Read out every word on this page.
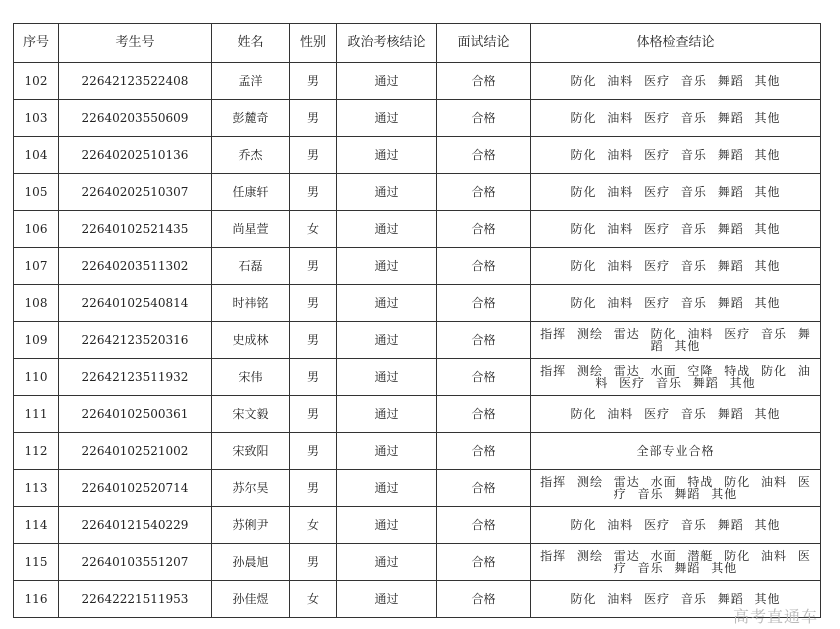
序号	考生号	姓名	性别	政治考核结论	面试结论	体格检查结论
102	22642123522408	孟洋	男	通过	合格	防化 油料 医疗 音乐 舞蹈 其他
103	22640203550609	彭麓奇	男	通过	合格	防化 油料 医疗 音乐 舞蹈 其他
104	22640202510136	乔杰	男	通过	合格	防化 油料 医疗 音乐 舞蹈 其他
105	22640202510307	任康轩	男	通过	合格	防化 油料 医疗 音乐 舞蹈 其他
106	22640102521435	尚星萱	女	通过	合格	防化 油料 医疗 音乐 舞蹈 其他
107	22640203511302	石磊	男	通过	合格	防化 油料 医疗 音乐 舞蹈 其他
108	22640102540814	时祎铭	男	通过	合格	防化 油料 医疗 音乐 舞蹈 其他
109	22642123520316	史成林	男	通过	合格	指挥 测绘 雷达 防化 油料 医疗 音乐 舞蹈 其他
110	22642123511932	宋伟	男	通过	合格	指挥 测绘 雷达 水面 空降 特战 防化 油料 医疗 音乐 舞蹈 其他
111	22640102500361	宋文毅	男	通过	合格	防化 油料 医疗 音乐 舞蹈 其他
112	22640102521002	宋致阳	男	通过	合格	全部专业合格
113	22640102520714	苏尔昊	男	通过	合格	指挥 测绘 雷达 水面 特战 防化 油料 医疗 音乐 舞蹈 其他
114	22640121540229	苏俐尹	女	通过	合格	防化 油料 医疗 音乐 舞蹈 其他
115	22640103551207	孙晨旭	男	通过	合格	指挥 测绘 雷达 水面 潜艇 防化 油料 医疗 音乐 舞蹈 其他
116	22642221511953	孙佳煜	女	通过	合格	防化 油料 医疗 音乐 舞蹈 其他
高考直通车
